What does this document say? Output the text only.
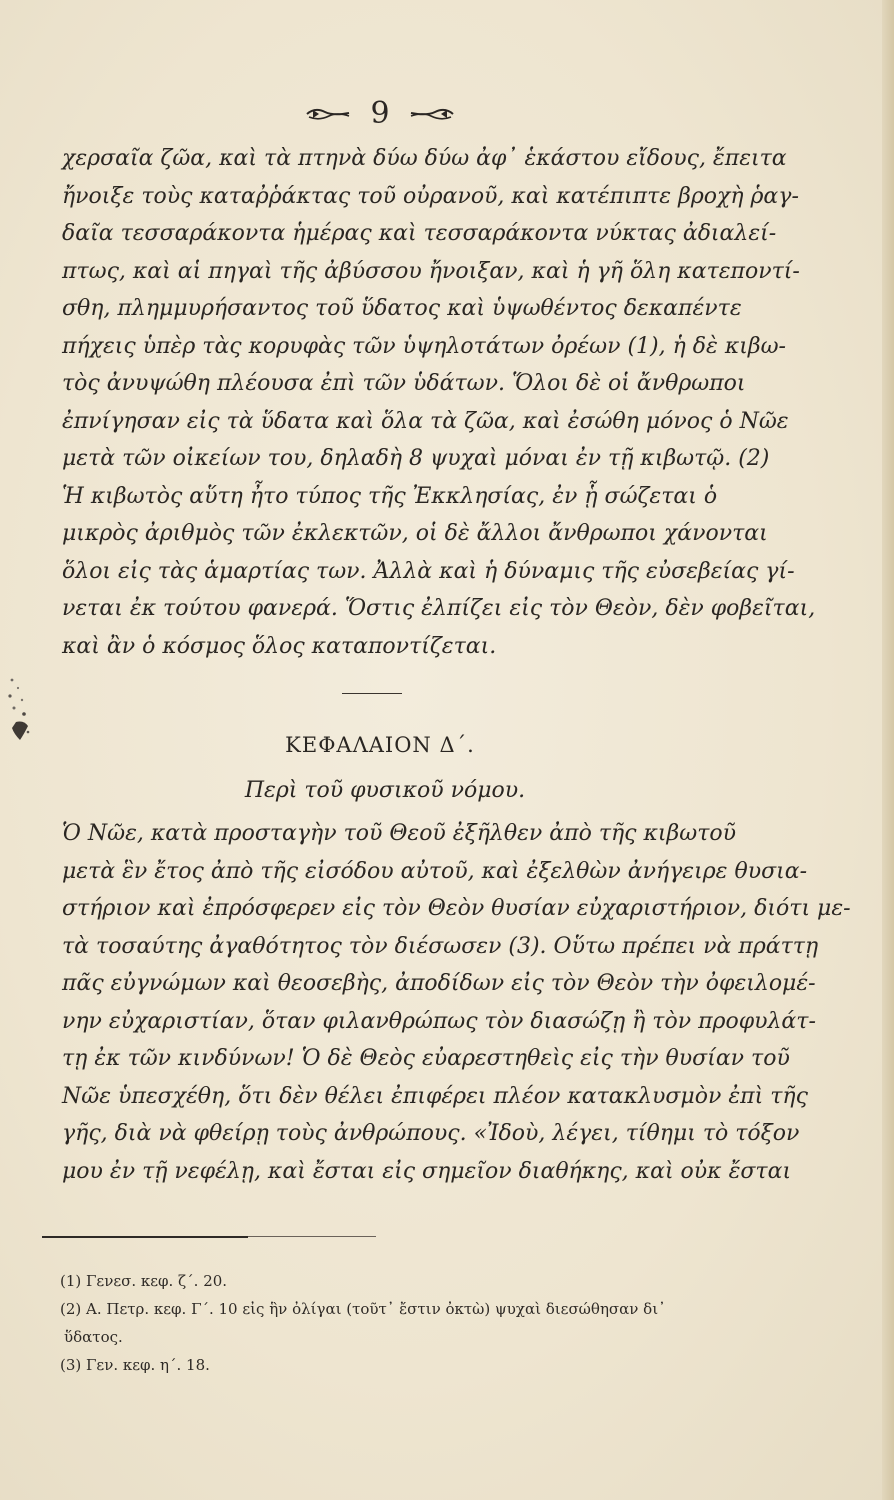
9
χερσαῖα ζῶα, καὶ τὰ πτηνὰ δύω δύω ἀφ᾽ ἑκάστου εἴδους, ἔπειτα
ἤνοιξε τοὺς καταῤῥάκτας τοῦ οὐρανοῦ, καὶ κατέπιπτε βροχὴ ῥαγ-
δαῖα τεσσαράκοντα ἡμέρας καὶ τεσσαράκοντα νύκτας ἀδιαλεί-
πτως, καὶ αἱ πηγαὶ τῆς ἀβύσσου ἤνοιξαν, καὶ ἡ γῆ ὅλη κατεποντί-
σθη, πλημμυρήσαντος τοῦ ὕδατος καὶ ὑψωθέντος δεκαπέντε
πήχεις ὑπὲρ τὰς κορυφὰς τῶν ὑψηλοτάτων ὀρέων (1), ἡ δὲ κιβω-
τὸς ἀνυψώθη πλέουσα ἐπὶ τῶν ὑδάτων. Ὅλοι δὲ οἱ ἄνθρωποι
ἐπνίγησαν εἰς τὰ ὕδατα καὶ ὅλα τὰ ζῶα, καὶ ἐσώθη μόνος ὁ Νῶε
μετὰ τῶν οἰκείων του, δηλαδὴ 8 ψυχαὶ μόναι ἐν τῇ κιβωτῷ. (2)
Ἡ κιβωτὸς αὕτη ἦτο τύπος τῆς Ἐκκλησίας, ἐν ᾗ σώζεται ὁ
μικρὸς ἀριθμὸς τῶν ἐκλεκτῶν, οἱ δὲ ἄλλοι ἄνθρωποι χάνονται
ὅλοι εἰς τὰς ἁμαρτίας των. Ἀλλὰ καὶ ἡ δύναμις τῆς εὐσεβείας γί-
νεται ἐκ τούτου φανερά. Ὅστις ἐλπίζει εἰς τὸν Θεὸν, δὲν φοβεῖται,
καὶ ἂν ὁ κόσμος ὅλος καταποντίζεται.
ΚΕΦΑΛΑΙΟΝ Δ΄.
Περὶ τοῦ φυσικοῦ νόμου.
Ὁ Νῶε, κατὰ προσταγὴν τοῦ Θεοῦ ἐξῆλθεν ἀπὸ τῆς κιβωτοῦ
μετὰ ἓν ἔτος ἀπὸ τῆς εἰσόδου αὐτοῦ, καὶ ἐξελθὼν ἀνήγειρε θυσια-
στήριον καὶ ἐπρόσφερεν εἰς τὸν Θεὸν θυσίαν εὐχαριστήριον, διότι με-
τὰ τοσαύτης ἀγαθότητος τὸν διέσωσεν (3). Οὕτω πρέπει νὰ πράττῃ
πᾶς εὐγνώμων καὶ θεοσεβὴς, ἀποδίδων εἰς τὸν Θεὸν τὴν ὀφειλομέ-
νην εὐχαριστίαν, ὅταν φιλανθρώπως τὸν διασώζῃ ἢ τὸν προφυλάτ-
τῃ ἐκ τῶν κινδύνων! Ὁ δὲ Θεὸς εὐαρεστηθεὶς εἰς τὴν θυσίαν τοῦ
Νῶε ὑπεσχέθη, ὅτι δὲν θέλει ἐπιφέρει πλέον κατακλυσμὸν ἐπὶ τῆς
γῆς, διὰ νὰ φθείρῃ τοὺς ἀνθρώπους. «Ἰδοὺ, λέγει, τίθημι τὸ τόξον
μου ἐν τῇ νεφέλῃ, καὶ ἔσται εἰς σημεῖον διαθήκης, καὶ οὐκ ἔσται
(1) Γενεσ. κεφ. ζ΄. 20.
(2) Α. Πετρ. κεφ. Γ΄. 10 εἰς ἣν ὀλίγαι (τοῦτ᾽ ἔστιν ὀκτὼ) ψυχαὶ διεσώθησαν δι᾽
ὕδατος.
(3) Γεν. κεφ. η΄. 18.
